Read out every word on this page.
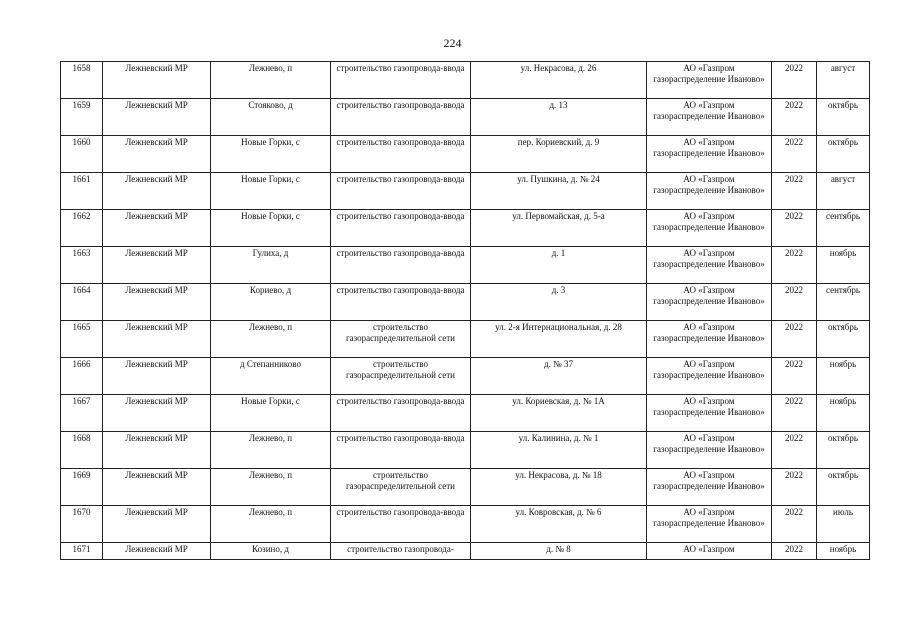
224
1658	Лежневский МР	Лежнево, п	строительство газопровода-ввода	ул. Некрасова, д. 26	АО «Газпром газораспределение Иваново»	2022	август
1659	Лежневский МР	Стояково, д	строительство газопровода-ввода	д. 13	АО «Газпром газораспределение Иваново»	2022	октябрь
1660	Лежневский МР	Новые Горки, с	строительство газопровода-ввода	пер. Кориевский, д. 9	АО «Газпром газораспределение Иваново»	2022	октябрь
1661	Лежневский МР	Новые Горки, с	строительство газопровода-ввода	ул. Пушкина, д. № 24	АО «Газпром газораспределение Иваново»	2022	август
1662	Лежневский МР	Новые Горки, с	строительство газопровода-ввода	ул. Первомайская, д. 5-а	АО «Газпром газораспределение Иваново»	2022	сентябрь
1663	Лежневский МР	Гулиха, д	строительство газопровода-ввода	д. 1	АО «Газпром газораспределение Иваново»	2022	ноябрь
1664	Лежневский МР	Кориево, д	строительство газопровода-ввода	д. 3	АО «Газпром газораспределение Иваново»	2022	сентябрь
1665	Лежневский МР	Лежнево, п	строительство газораспределительной сети	ул. 2-я Интернациональная, д. 28	АО «Газпром газораспределение Иваново»	2022	октябрь
1666	Лежневский МР	д Степанниково	строительство газораспределительной сети	д. № 37	АО «Газпром газораспределение Иваново»	2022	ноябрь
1667	Лежневский МР	Новые Горки, с	строительство газопровода-ввода	ул. Кориевская, д. № 1А	АО «Газпром газораспределение Иваново»	2022	ноябрь
1668	Лежневский МР	Лежнево, п	строительство газопровода-ввода	ул. Калинина, д. № 1	АО «Газпром газораспределение Иваново»	2022	октябрь
1669	Лежневский МР	Лежнево, п	строительство газораспределительной сети	ул. Некрасова, д. № 18	АО «Газпром газораспределение Иваново»	2022	октябрь
1670	Лежневский МР	Лежнево, п	строительство газопровода-ввода	ул. Ковровская, д. № 6	АО «Газпром газораспределение Иваново»	2022	июль
1671	Лежневский МР	Козино, д	строительство газопровода-	д. № 8	АО «Газпром	2022	ноябрь
